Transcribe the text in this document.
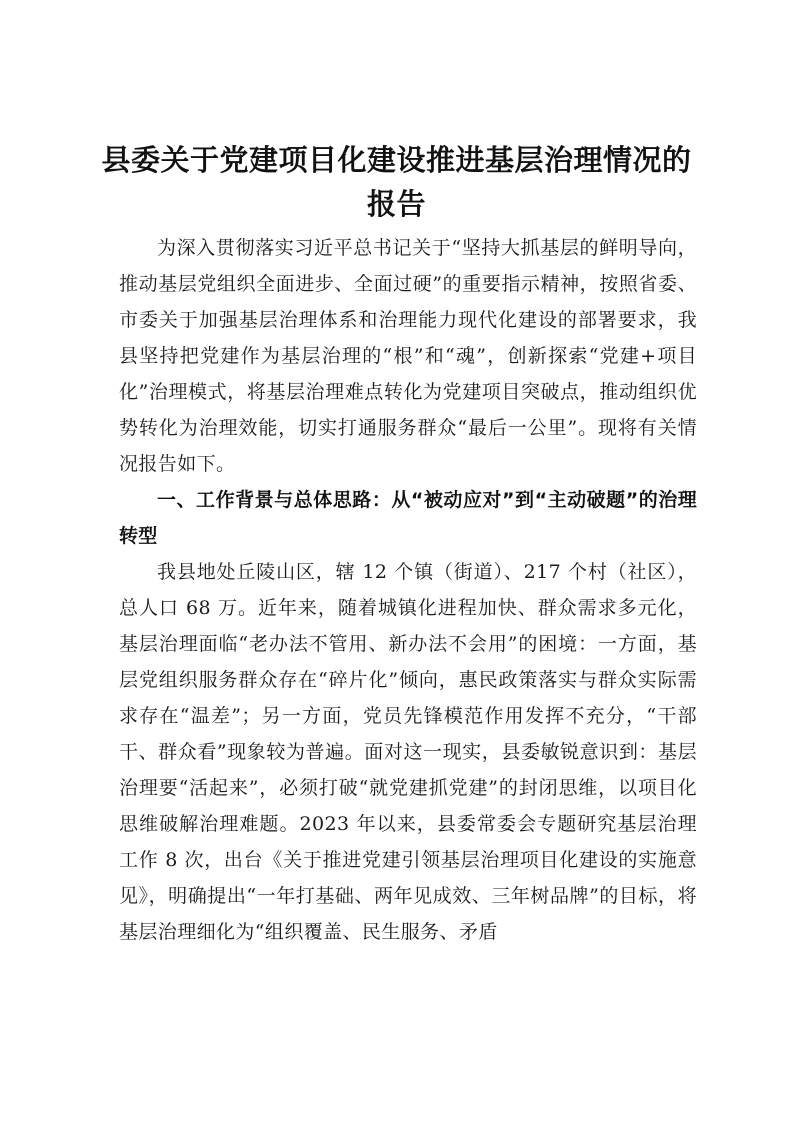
县委关于党建项目化建设推进基层治理情况的报告

为深入贯彻落实习近平总书记关于“坚持大抓基层的鲜明导向，推动基层党组织全面进步、全面过硬”的重要指示精神，按照省委、市委关于加强基层治理体系和治理能力现代化建设的部署要求，我县坚持把党建作为基层治理的“根”和“魂”，创新探索“党建+项目化”治理模式，将基层治理难点转化为党建项目突破点，推动组织优势转化为治理效能，切实打通服务群众“最后一公里”。现将有关情况报告如下。

一、工作背景与总体思路：从“被动应对”到“主动破题”的治理转型

我县地处丘陵山区，辖 12 个镇（街道）、217 个村（社区），总人口 68 万。近年来，随着城镇化进程加快、群众需求多元化，基层治理面临“老办法不管用、新办法不会用”的困境：一方面，基层党组织服务群众存在“碎片化”倾向，惠民政策落实与群众实际需求存在“温差”；另一方面，党员先锋模范作用发挥不充分，“干部干、群众看”现象较为普遍。面对这一现实，县委敏锐意识到：基层治理要“活起来”，必须打破“就党建抓党建”的封闭思维，以项目化思维破解治理难题。2023 年以来，县委常委会专题研究基层治理工作 8 次，出台《关于推进党建引领基层治理项目化建设的实施意见》，明确提出“一年打基础、两年见成效、三年树品牌”的目标，将基层治理细化为“组织覆盖、民生服务、矛盾
